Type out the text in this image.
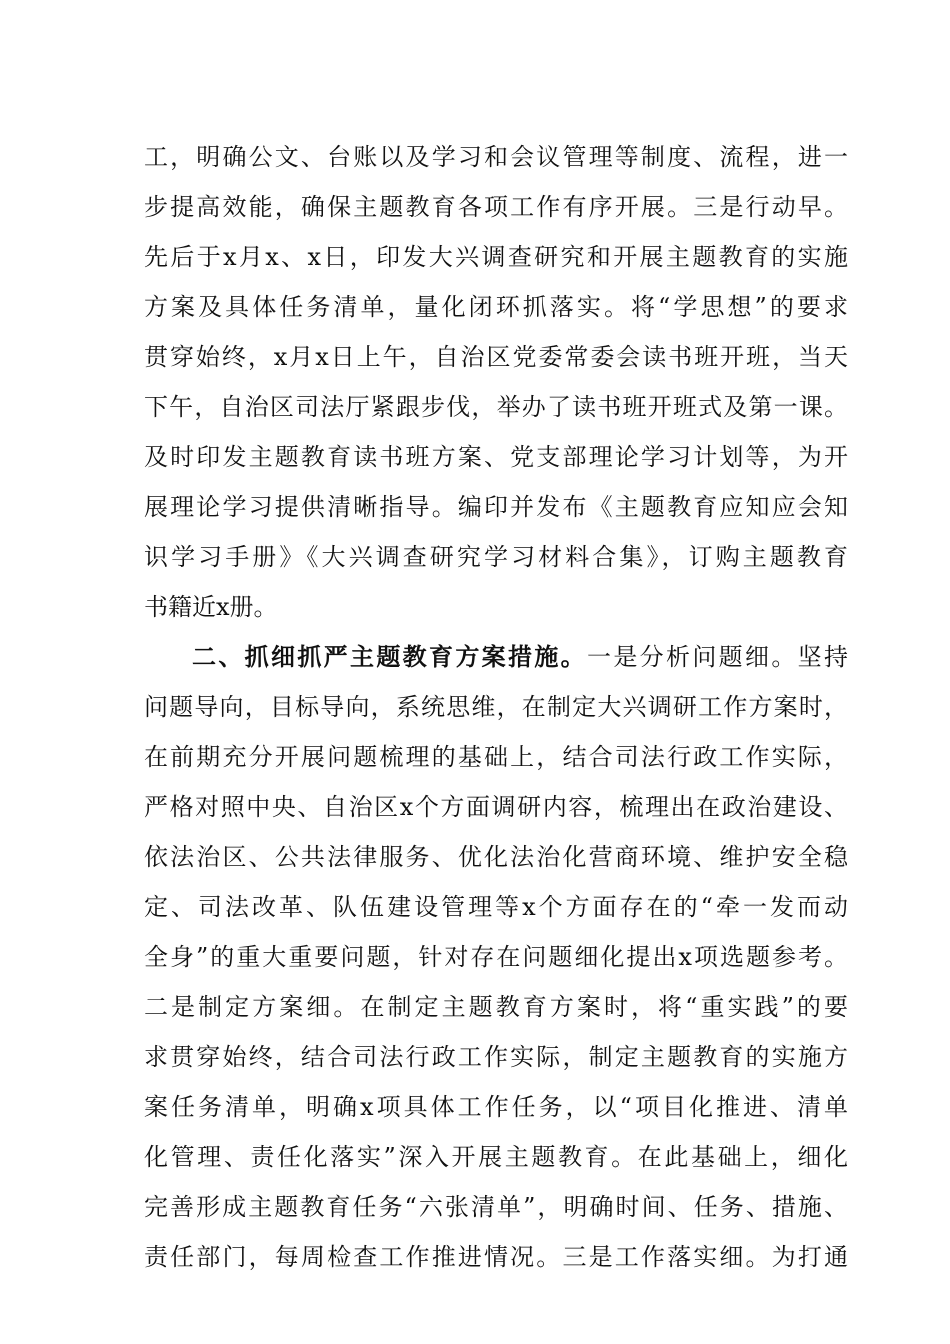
工，明确公文、台账以及学习和会议管理等制度、流程，进一
步提高效能，确保主题教育各项工作有序开展。三是行动早。
先后于x月x、x日，印发大兴调查研究和开展主题教育的实施
方案及具体任务清单，量化闭环抓落实。将“学思想”的要求
贯穿始终，x月x日上午，自治区党委常委会读书班开班，当天
下午，自治区司法厅紧跟步伐，举办了读书班开班式及第一课。
及时印发主题教育读书班方案、党支部理论学习计划等，为开
展理论学习提供清晰指导。编印并发布《主题教育应知应会知
识学习手册》《大兴调查研究学习材料合集》，订购主题教育
书籍近x册。
二、抓细抓严主题教育方案措施。一是分析问题细。坚持
问题导向，目标导向，系统思维，在制定大兴调研工作方案时，
在前期充分开展问题梳理的基础上，结合司法行政工作实际，
严格对照中央、自治区x个方面调研内容，梳理出在政治建设、
依法治区、公共法律服务、优化法治化营商环境、维护安全稳
定、司法改革、队伍建设管理等x个方面存在的“牵一发而动
全身”的重大重要问题，针对存在问题细化提出x项选题参考。
二是制定方案细。在制定主题教育方案时，将“重实践”的要
求贯穿始终，结合司法行政工作实际，制定主题教育的实施方
案任务清单，明确x项具体工作任务，以“项目化推进、清单
化管理、责任化落实”深入开展主题教育。在此基础上，细化
完善形成主题教育任务“六张清单”，明确时间、任务、措施、
责任部门，每周检查工作推进情况。三是工作落实细。为打通
